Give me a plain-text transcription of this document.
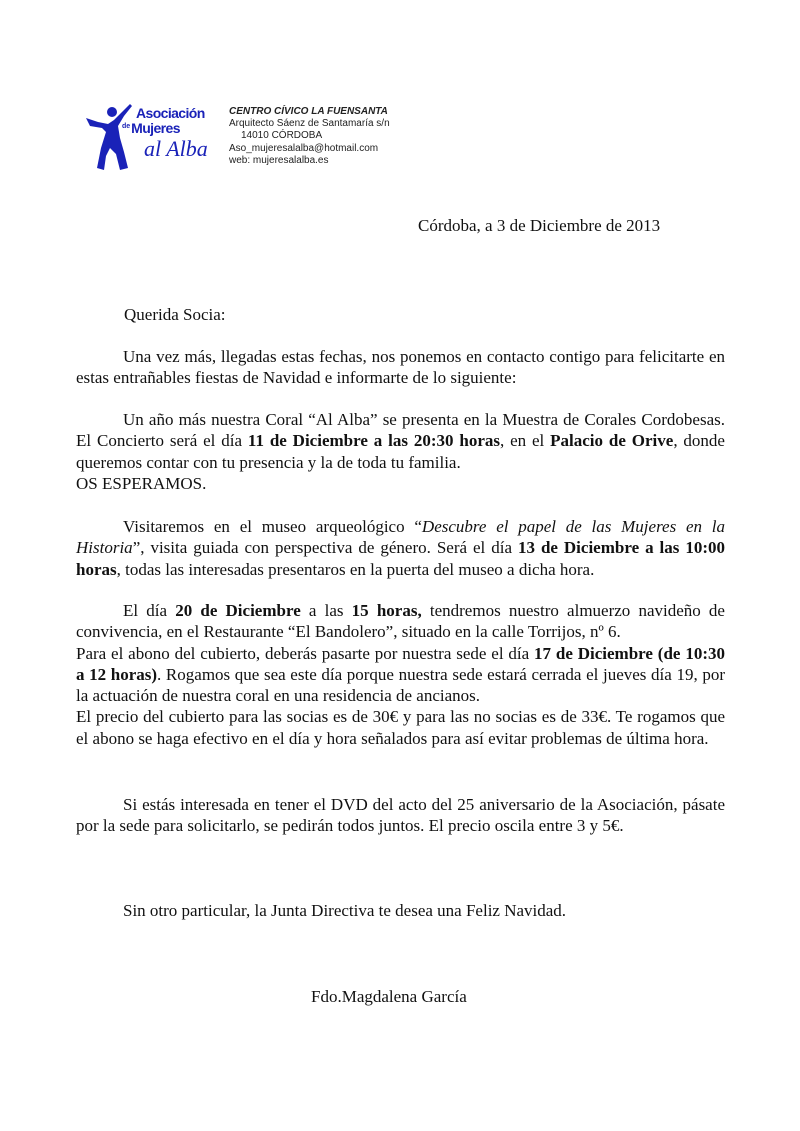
Asociación
$^{de}$Mujeres
al Alba
CENTRO CÍVICO LA FUENSANTA
Arquitecto Sáenz de Santamaría s/n
14010 CÓRDOBA
Aso_mujeresalalba@hotmail.com
web: mujeresalalba.es
Córdoba, a 3 de Diciembre de 2013
Querida Socia:

Una vez más, llegadas estas fechas, nos ponemos en contacto contigo para felicitarte en estas entrañables fiestas de Navidad e informarte de lo siguiente:

Un año más nuestra Coral “Al Alba” se presenta en la Muestra de Corales Cordobesas. El Concierto será el día 11 de Diciembre a las 20:30 horas, en el Palacio de Orive, donde queremos contar con tu presencia y la de toda tu familia.
OS ESPERAMOS.

Visitaremos en el museo arqueológico “Descubre el papel de las Mujeres en la Historia”, visita guiada con perspectiva de género. Será el día 13 de Diciembre a las 10:00 horas, todas las interesadas presentaros en la puerta del museo a dicha hora.

El día 20 de Diciembre a las 15 horas, tendremos nuestro almuerzo navideño de convivencia, en el Restaurante “El Bandolero”, situado en la calle Torrijos, nº 6.
Para el abono del cubierto, deberás pasarte por nuestra sede el día 17 de Diciembre (de 10:30 a 12 horas). Rogamos que sea este día porque nuestra sede estará cerrada el jueves día 19, por la actuación de nuestra coral en una residencia de ancianos.
El precio del cubierto para las socias es de 30€ y para las no socias es de 33€. Te rogamos que el abono se haga efectivo en el día y hora señalados para así evitar problemas de última hora.

Si estás interesada en tener el DVD del acto del 25 aniversario de la Asociación, pásate por la sede para solicitarlo, se pedirán todos juntos. El precio oscila entre 3 y 5€.

Sin otro particular, la Junta Directiva te desea una Feliz Navidad.
Fdo.Magdalena García
